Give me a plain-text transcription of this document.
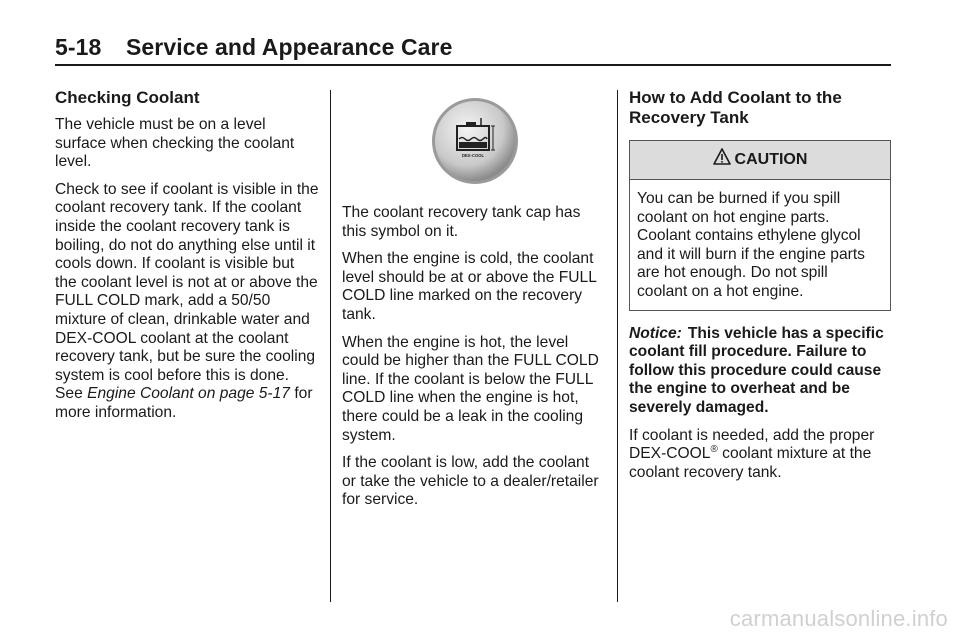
5-18 Service and Appearance Care
Checking Coolant

The vehicle must be on a level surface when checking the coolant level.

Check to see if coolant is visible in the coolant recovery tank. If the coolant inside the coolant recovery tank is boiling, do not do anything else until it cools down. If coolant is visible but the coolant level is not at or above the FULL COLD mark, add a 50/50 mixture of clean, drinkable water and DEX-COOL coolant at the coolant recovery tank, but be sure the cooling system is cool before this is done. See Engine Coolant on page 5-17 for more information.

DEX-COOL

The coolant recovery tank cap has this symbol on it.

When the engine is cold, the coolant level should be at or above the FULL COLD line marked on the recovery tank.

When the engine is hot, the level could be higher than the FULL COLD line. If the coolant is below the FULL COLD line when the engine is hot, there could be a leak in the cooling system.

If the coolant is low, add the coolant or take the vehicle to a dealer/retailer for service.

How to Add Coolant to the Recovery Tank
CAUTION
You can be burned if you spill coolant on hot engine parts. Coolant contains ethylene glycol and it will burn if the engine parts are hot enough. Do not spill coolant on a hot engine.

Notice: This vehicle has a specific coolant fill procedure. Failure to follow this procedure could cause the engine to overheat and be severely damaged.

If coolant is needed, add the proper DEX-COOL® coolant mixture at the coolant recovery tank.

carmanualsonline.info
